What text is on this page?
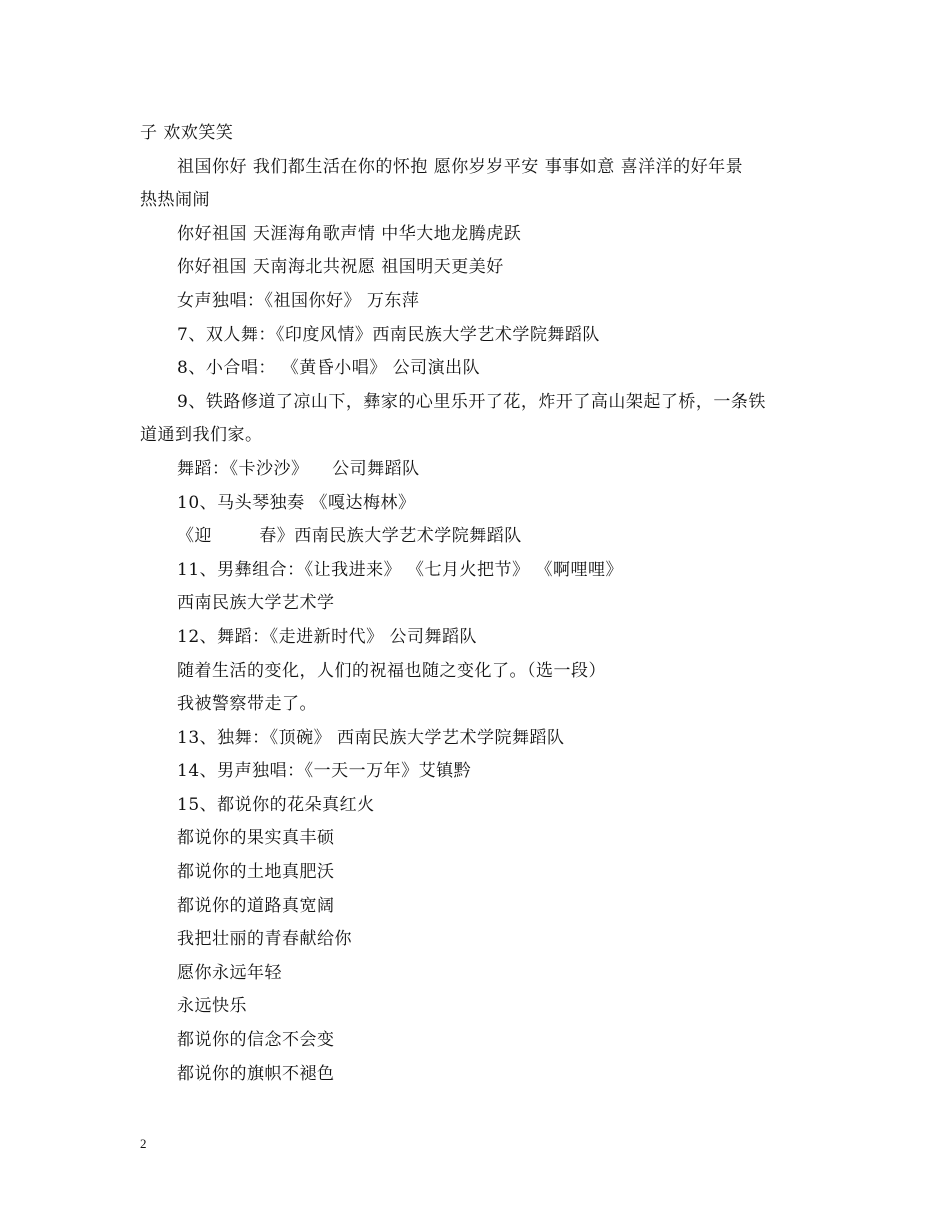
子 欢欢笑笑
祖国你好 我们都生活在你的怀抱 愿你岁岁平安 事事如意 喜洋洋的好年景
热热闹闹
你好祖国 天涯海角歌声情 中华大地龙腾虎跃
你好祖国 天南海北共祝愿 祖国明天更美好
女声独唱：《祖国你好》 万东萍
7、双人舞：《印度风情》西南民族大学艺术学院舞蹈队
8、小合唱： 《黄昏小唱》 公司演出队
9、铁路修道了凉山下，彝家的心里乐开了花，炸开了高山架起了桥，一条铁
道通到我们家。
舞蹈：《卡沙沙》    公司舞蹈队
10、马头琴独奏 《嘎达梅林》
《迎        春》西南民族大学艺术学院舞蹈队
11、男彝组合：《让我进来》 《七月火把节》 《啊哩哩》
西南民族大学艺术学
12、舞蹈：《走进新时代》 公司舞蹈队
随着生活的变化，人们的祝福也随之变化了。（选一段）
我被警察带走了。
13、独舞：《顶碗》 西南民族大学艺术学院舞蹈队
14、男声独唱：《一天一万年》艾镇黔
15、都说你的花朵真红火
都说你的果实真丰硕
都说你的土地真肥沃
都说你的道路真宽阔
我把壮丽的青春献给你
愿你永远年轻
永远快乐
都说你的信念不会变
都说你的旗帜不褪色
2
